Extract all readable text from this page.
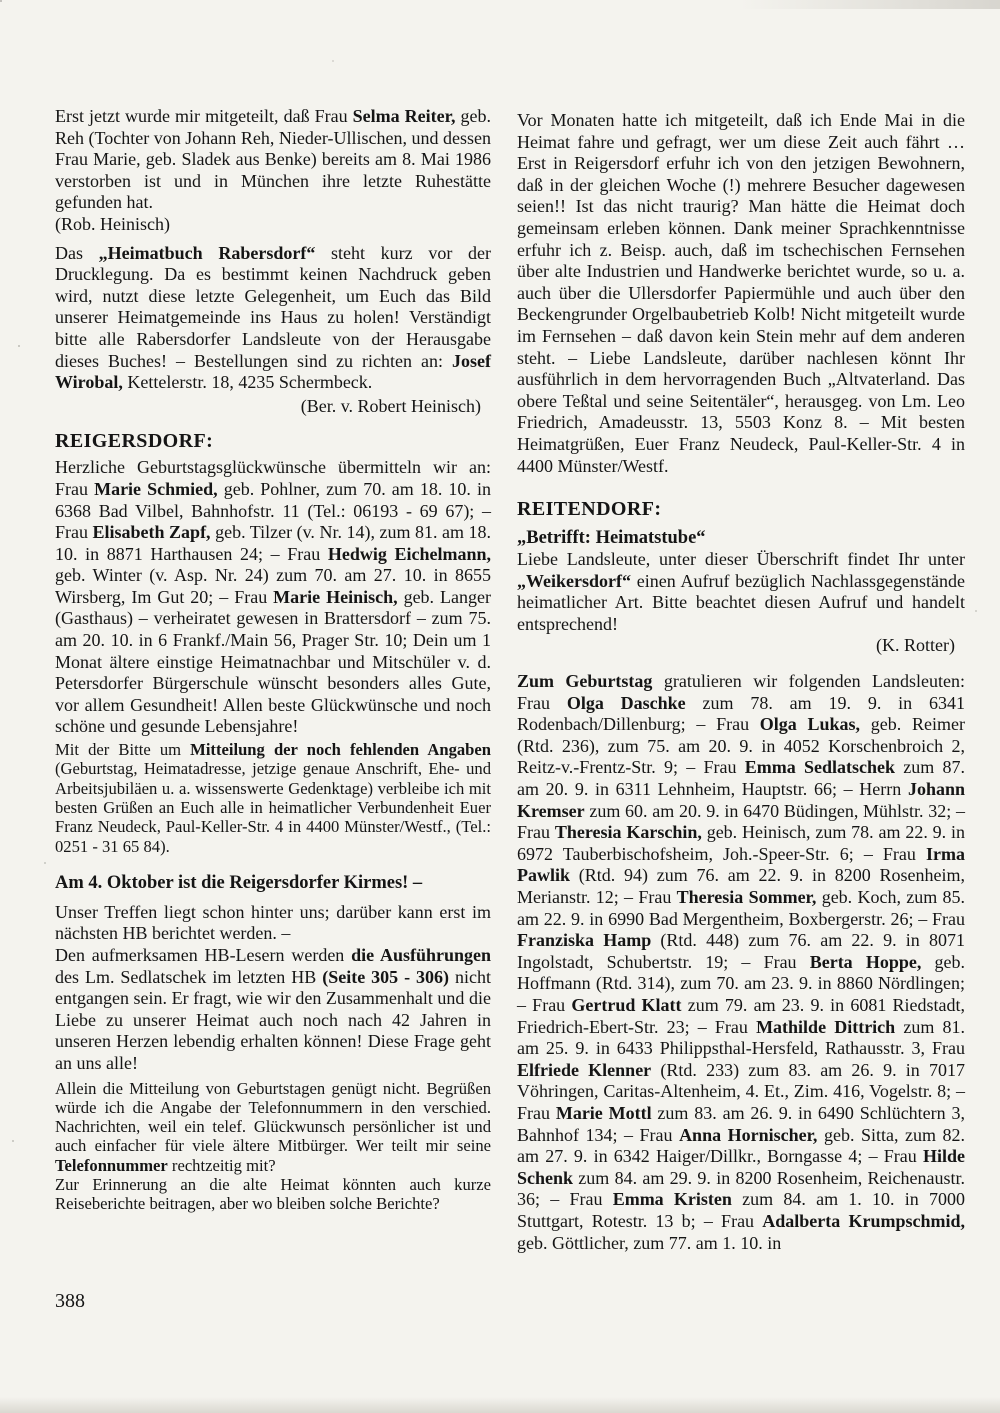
Erst jetzt wurde mir mitgeteilt, daß Frau Selma Reiter, geb. Reh (Tochter von Johann Reh, Nieder-Ullischen, und dessen Frau Marie, geb. Sladek aus Benke) bereits am 8. Mai 1986 verstorben ist und in München ihre letzte Ruhestätte gefunden hat.

(Rob. Heinisch)

Das „Heimatbuch Rabersdorf“ steht kurz vor der Drucklegung. Da es bestimmt keinen Nachdruck geben wird, nutzt diese letzte Gelegenheit, um Euch das Bild unserer Heimatgemeinde ins Haus zu holen! Verständigt bitte alle Rabersdorfer Landsleute von der Herausgabe dieses Buches! – Bestellungen sind zu richten an: Josef Wirobal, Kettelerstr. 18, 4235 Schermbeck.

(Ber. v. Robert Heinisch)

REIGERSDORF:

Herzliche Geburtstagsglückwünsche übermitteln wir an: Frau Marie Schmied, geb. Pohlner, zum 70. am 18. 10. in 6368 Bad Vilbel, Bahnhofstr. 11 (Tel.: 06193 - 69 67); – Frau Elisabeth Zapf, geb. Tilzer (v. Nr. 14), zum 81. am 18. 10. in 8871 Harthausen 24; – Frau Hedwig Eichelmann, geb. Winter (v. Asp. Nr. 24) zum 70. am 27. 10. in 8655 Wirsberg, Im Gut 20; – Frau Marie Heinisch, geb. Langer (Gasthaus) – verheiratet gewesen in Brattersdorf – zum 75. am 20. 10. in 6 Frankf./Main 56, Prager Str. 10; Dein um 1 Monat ältere einstige Heimatnachbar und Mitschüler v. d. Petersdorfer Bürgerschule wünscht besonders alles Gute, vor allem Gesundheit! Allen beste Glückwünsche und noch schöne und gesunde Lebensjahre!

Mit der Bitte um Mitteilung der noch fehlenden Angaben (Geburtstag, Heimatadresse, jetzige genaue Anschrift, Ehe- und Arbeitsjubiläen u. a. wissenswerte Gedenktage) verbleibe ich mit besten Grüßen an Euch alle in heimatlicher Verbundenheit Euer Franz Neudeck, Paul-Keller-Str. 4 in 4400 Münster/Westf., (Tel.: 0251 - 31 65 84).

Am 4. Oktober ist die Reigersdorfer Kirmes! –

Unser Treffen liegt schon hinter uns; darüber kann erst im nächsten HB berichtet werden. –

Den aufmerksamen HB-Lesern werden die Ausführungen des Lm. Sedlatschek im letzten HB (Seite 305 - 306) nicht entgangen sein. Er fragt, wie wir den Zusammenhalt und die Liebe zu unserer Heimat auch noch nach 42 Jahren in unseren Herzen lebendig erhalten können! Diese Frage geht an uns alle!

Allein die Mitteilung von Geburtstagen genügt nicht. Begrüßen würde ich die Angabe der Telefonnummern in den verschied. Nachrichten, weil ein telef. Glückwunsch persönlicher ist und auch einfacher für viele ältere Mitbürger. Wer teilt mir seine Telefonnummer rechtzeitig mit?

Zur Erinnerung an die alte Heimat könnten auch kurze Reiseberichte beitragen, aber wo bleiben solche Berichte?

Vor Monaten hatte ich mitgeteilt, daß ich Ende Mai in die Heimat fahre und gefragt, wer um diese Zeit auch fährt … Erst in Reigersdorf erfuhr ich von den jetzigen Bewohnern, daß in der gleichen Woche (!) mehrere Besucher dagewesen seien!! Ist das nicht traurig? Man hätte die Heimat doch gemeinsam erleben können. Dank meiner Sprachkenntnisse erfuhr ich z. Beisp. auch, daß im tschechischen Fernsehen über alte Industrien und Handwerke berichtet wurde, so u. a. auch über die Ullersdorfer Papiermühle und auch über den Beckengrunder Orgelbaubetrieb Kolb! Nicht mitgeteilt wurde im Fernsehen – daß davon kein Stein mehr auf dem anderen steht. – Liebe Landsleute, darüber nachlesen könnt Ihr ausführlich in dem hervorragenden Buch „Altvaterland. Das obere Teßtal und seine Seitentäler“, herausgeg. von Lm. Leo Friedrich, Amadeusstr. 13, 5503 Konz 8. – Mit besten Heimatgrüßen, Euer Franz Neudeck, Paul-Keller-Str. 4 in 4400 Münster/Westf.

REITENDORF:
„Betrifft: Heimatstube“

Liebe Landsleute, unter dieser Überschrift findet Ihr unter „Weikersdorf“ einen Aufruf bezüglich Nachlassgegenstände heimatlicher Art. Bitte beachtet diesen Aufruf und handelt entsprechend!

(K. Rotter)

Zum Geburtstag gratulieren wir folgenden Landsleuten: Frau Olga Daschke zum 78. am 19. 9. in 6341 Rodenbach/Dillenburg; – Frau Olga Lukas, geb. Reimer (Rtd. 236), zum 75. am 20. 9. in 4052 Korschenbroich 2, Reitz-v.-Frentz-Str. 9; – Frau Emma Sedlatschek zum 87. am 20. 9. in 6311 Lehnheim, Hauptstr. 66; – Herrn Johann Kremser zum 60. am 20. 9. in 6470 Büdingen, Mühlstr. 32; – Frau Theresia Karschin, geb. Heinisch, zum 78. am 22. 9. in 6972 Tauberbischofsheim, Joh.-Speer-Str. 6; – Frau Irma Pawlik (Rtd. 94) zum 76. am 22. 9. in 8200 Rosenheim, Merianstr. 12; – Frau Theresia Sommer, geb. Koch, zum 85. am 22. 9. in 6990 Bad Mergentheim, Boxbergerstr. 26; – Frau Franziska Hamp (Rtd. 448) zum 76. am 22. 9. in 8071 Ingolstadt, Schubertstr. 19; – Frau Berta Hoppe, geb. Hoffmann (Rtd. 314), zum 70. am 23. 9. in 8860 Nördlingen; – Frau Gertrud Klatt zum 79. am 23. 9. in 6081 Riedstadt, Friedrich-Ebert-Str. 23; – Frau Mathilde Dittrich zum 81. am 25. 9. in 6433 Philippsthal-Hersfeld, Rathausstr. 3, Frau Elfriede Klenner (Rtd. 233) zum 83. am 26. 9. in 7017 Vöhringen, Caritas-Altenheim, 4. Et., Zim. 416, Vogelstr. 8; – Frau Marie Mottl zum 83. am 26. 9. in 6490 Schlüchtern 3, Bahnhof 134; – Frau Anna Hornischer, geb. Sitta, zum 82. am 27. 9. in 6342 Haiger/Dillkr., Borngasse 4; – Frau Hilde Schenk zum 84. am 29. 9. in 8200 Rosenheim, Reichenaustr. 36; – Frau Emma Kristen zum 84. am 1. 10. in 7000 Stuttgart, Rotestr. 13 b; – Frau Adalberta Krumpschmid, geb. Göttlicher, zum 77. am 1. 10. in

388
